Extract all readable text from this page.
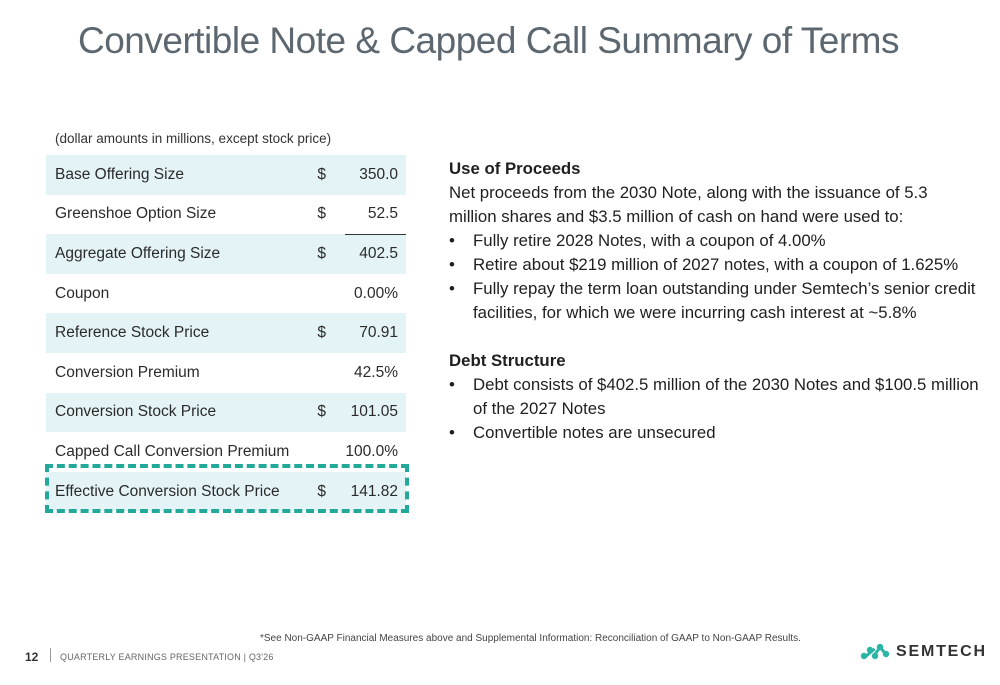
Convertible Note & Capped Call Summary of Terms
(dollar amounts in millions, except stock price)
Base Offering Size	$	350.0
Greenshoe Option Size	$	52.5
Aggregate Offering Size	$	402.5
Coupon		0.00%
Reference Stock Price	$	70.91
Conversion Premium		42.5%
Conversion Stock Price	$	101.05
Capped Call Conversion Premium		100.0%
Effective Conversion Stock Price	$	141.82

Use of Proceeds

Net proceeds from the 2030 Note, along with the issuance of 5.3 million shares and $3.5 million of cash on hand were used to:

• Fully retire 2028 Notes, with a coupon of 4.00%
• Retire about $219 million of 2027 notes, with a coupon of 1.625%
• Fully repay the term loan outstanding under Semtech’s senior credit facilities, for which we were incurring cash interest at ~5.8%

Debt Structure

• Debt consists of $402.5 million of the 2030 Notes and $100.5 million of the 2027 Notes
• Convertible notes are unsecured
*See Non-GAAP Financial Measures above and Supplemental Information: Reconciliation of GAAP to Non-GAAP Results.
12 QUARTERLY EARNINGS PRESENTATION | Q3'26	SEMTECH
